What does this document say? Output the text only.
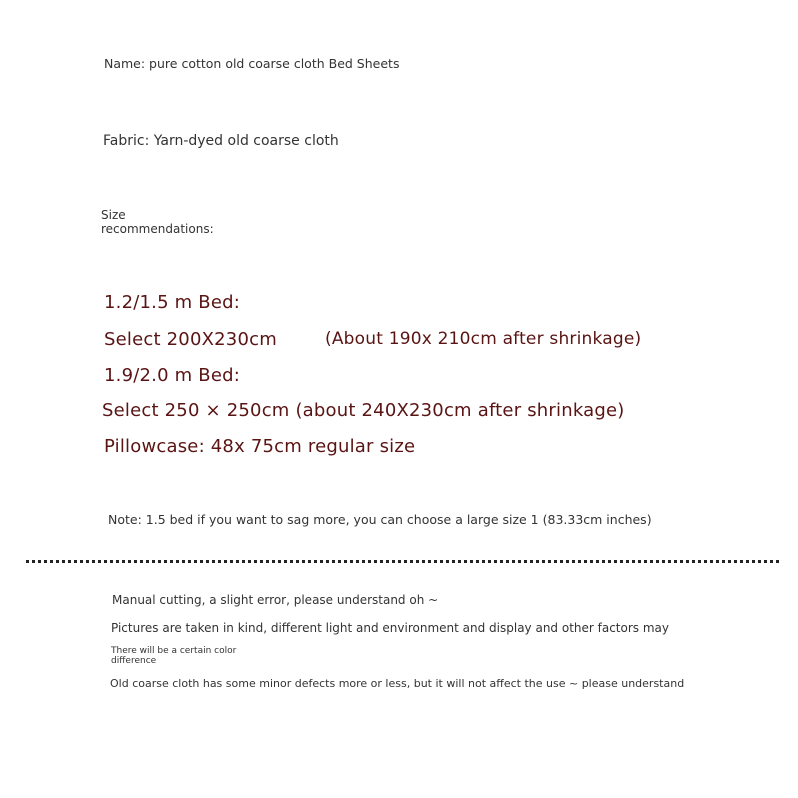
Name: pure cotton old coarse cloth Bed Sheets

Fabric: Yarn-dyed old coarse cloth

Size
recommendations:

1.2/1.5 m Bed:

Select 200X230cm	(About 190x 210cm after shrinkage)

1.9/2.0 m Bed:

Select 250 × 250cm (about 240X230cm after shrinkage)

Pillowcase: 48x 75cm regular size

Note: 1.5 bed if you want to sag more, you can choose a large size 1 (83.33cm inches)

Manual cutting, a slight error, please understand oh ~

Pictures are taken in kind, different light and environment and display and other factors may

There will be a certain color
difference

Old coarse cloth has some minor defects more or less, but it will not affect the use ~ please understand
